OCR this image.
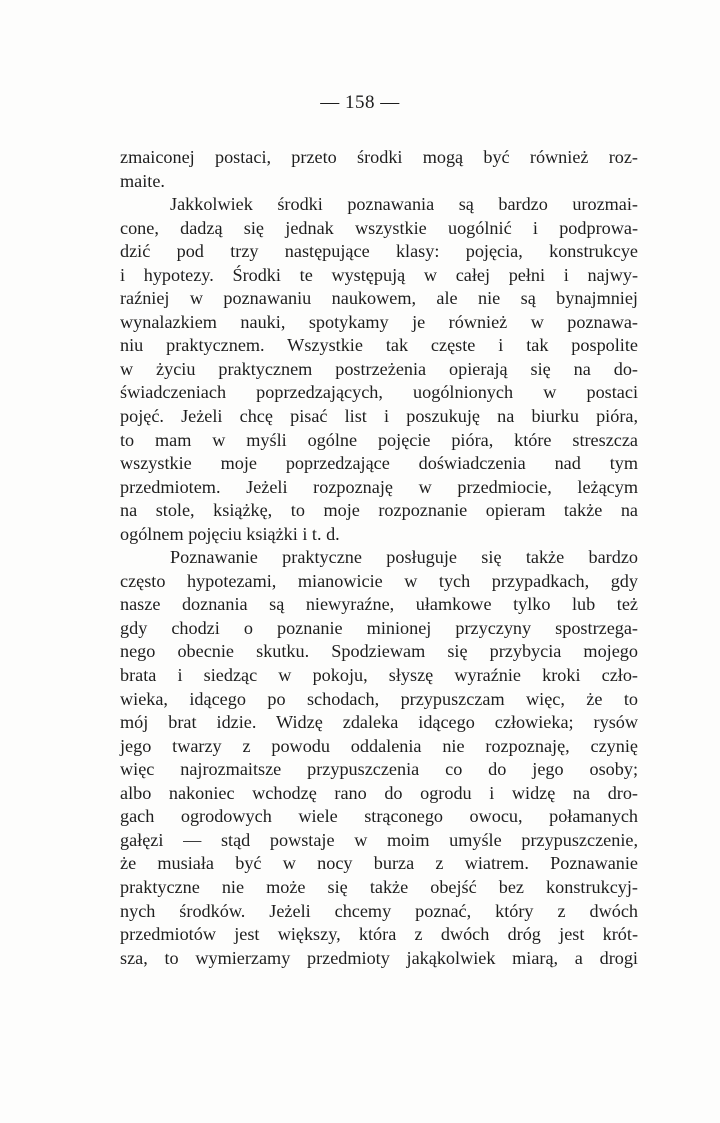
— 158 —
zmaiconej postaci, przeto środki mogą być również roz-
maite.
Jakkolwiek środki poznawania są bardzo urozmai-
cone, dadzą się jednak wszystkie uogólnić i podprowa-
dzić pod trzy następujące klasy: pojęcia, konstrukcye
i hypotezy. Środki te występują w całej pełni i najwy-
raźniej w poznawaniu naukowem, ale nie są bynajmniej
wynalazkiem nauki, spotykamy je również w poznawa-
niu praktycznem. Wszystkie tak częste i tak pospolite
w życiu praktycznem postrzeżenia opierają się na do-
świadczeniach poprzedzających, uogólnionych w postaci
pojęć. Jeżeli chcę pisać list i poszukuję na biurku pióra,
to mam w myśli ogólne pojęcie pióra, które streszcza
wszystkie moje poprzedzające doświadczenia nad tym
przedmiotem. Jeżeli rozpoznaję w przedmiocie, leżącym
na stole, książkę, to moje rozpoznanie opieram także na
ogólnem pojęciu książki i t. d.
Poznawanie praktyczne posługuje się także bardzo
często hypotezami, mianowicie w tych przypadkach, gdy
nasze doznania są niewyraźne, ułamkowe tylko lub też
gdy chodzi o poznanie minionej przyczyny spostrzega-
nego obecnie skutku. Spodziewam się przybycia mojego
brata i siedząc w pokoju, słyszę wyraźnie kroki czło-
wieka, idącego po schodach, przypuszczam więc, że to
mój brat idzie. Widzę zdaleka idącego człowieka; rysów
jego twarzy z powodu oddalenia nie rozpoznaję, czynię
więc najrozmaitsze przypuszczenia co do jego osoby;
albo nakoniec wchodzę rano do ogrodu i widzę na dro-
gach ogrodowych wiele strąconego owocu, połamanych
gałęzi — stąd powstaje w moim umyśle przypuszczenie,
że musiała być w nocy burza z wiatrem. Poznawanie
praktyczne nie może się także obejść bez konstrukcyj-
nych środków. Jeżeli chcemy poznać, który z dwóch
przedmiotów jest większy, która z dwóch dróg jest krót-
sza, to wymierzamy przedmioty jakąkolwiek miarą, a drogi
